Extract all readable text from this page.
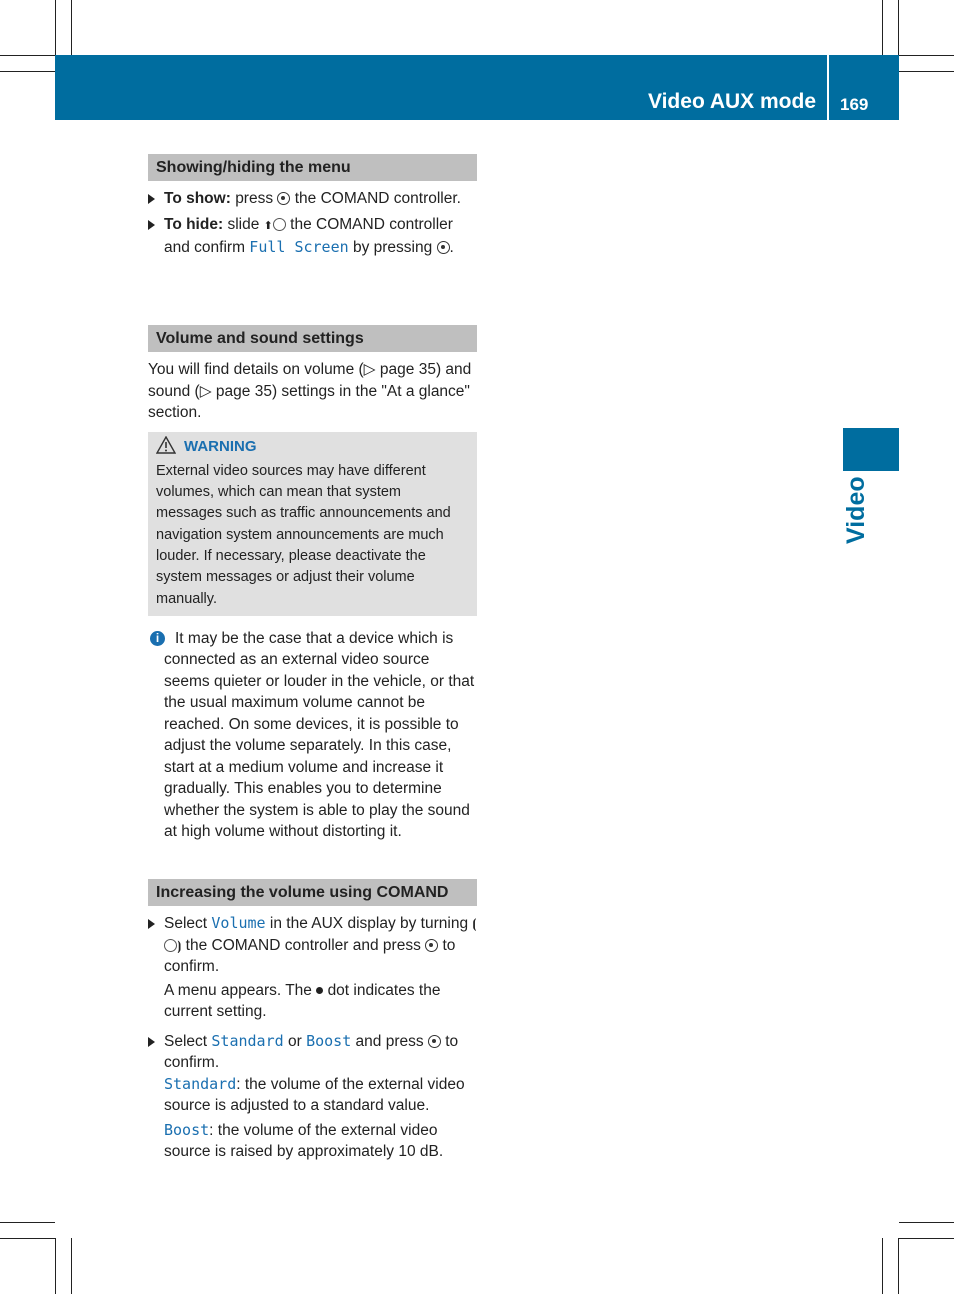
Video AUX mode 169
Video
Showing/hiding the menu
To show: press the COMAND controller.
To hide: slide ⬆ the COMAND controller and confirm Full Screen by pressing .
Volume and sound settings
You will find details on volume (▷ page 35) and sound (▷ page 35) settings in the "At a glance" section.
WARNING
External video sources may have different volumes, which can mean that system messages such as traffic announcements and navigation system announcements are much louder. If necessary, please deactivate the system messages or adjust their volume manually.
i	It may be the case that a device which is connected as an external video source seems quieter or louder in the vehicle, or that the usual maximum volume cannot be reached. On some devices, it is possible to adjust the volume separately. In this case, start at a medium volume and increase it gradually. This enables you to determine whether the system is able to play the sound at high volume without distorting it.
Increasing the volume using COMAND
Select Volume in the AUX display by turning ⦗⦘ the COMAND controller and press to confirm.
A menu appears. The dot indicates the current setting.
Select Standard or Boost and press to confirm.
Standard: the volume of the external video source is adjusted to a standard value.
Boost: the volume of the external video source is raised by approximately 10 dB.
